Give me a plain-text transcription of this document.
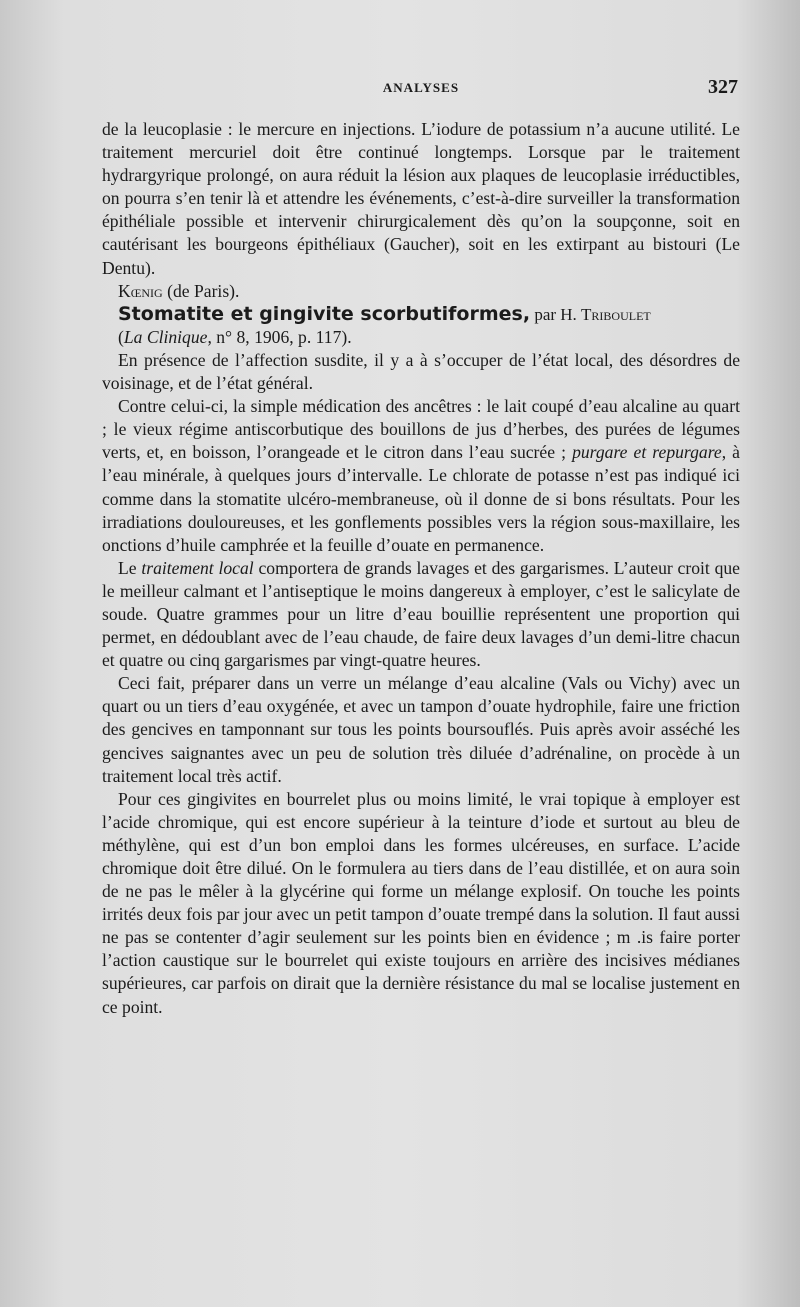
ANALYSES	327

de la leucoplasie : le mercure en injections. L’iodure de potassium n’a aucune utilité. Le traitement mercuriel doit être continué longtemps. Lorsque par le traitement hydrargyrique prolongé, on aura réduit la lésion aux plaques de leucoplasie irréductibles, on pourra s’en tenir là et attendre les événements, c’est-à-dire surveiller la transformation épithéliale possible et intervenir chirurgicalement dès qu’on la soupçonne, soit en cautérisant les bourgeons épithéliaux (Gaucher), soit en les extirpant au bistouri (Le Dentu).

Kœnig (de Paris).

Stomatite et gingivite scorbutiformes, par H. Triboulet

(La Clinique, n° 8, 1906, p. 117).

En présence de l’affection susdite, il y a à s’occuper de l’état local, des désordres de voisinage, et de l’état général.

Contre celui-ci, la simple médication des ancêtres : le lait coupé d’eau alcaline au quart ; le vieux régime antiscorbutique des bouillons de jus d’herbes, des purées de légumes verts, et, en boisson, l’orangeade et le citron dans l’eau sucrée ; purgare et repurgare, à l’eau minérale, à quelques jours d’intervalle. Le chlorate de potasse n’est pas indiqué ici comme dans la stomatite ulcéro-membraneuse, où il donne de si bons résultats. Pour les irradiations douloureuses, et les gonflements possibles vers la région sous-maxillaire, les onctions d’huile camphrée et la feuille d’ouate en permanence.

Le traitement local comportera de grands lavages et des gargarismes. L’auteur croit que le meilleur calmant et l’antiseptique le moins dangereux à employer, c’est le salicylate de soude. Quatre grammes pour un litre d’eau bouillie représentent une proportion qui permet, en dédoublant avec de l’eau chaude, de faire deux lavages d’un demi-litre chacun et quatre ou cinq gargarismes par vingt-quatre heures.

Ceci fait, préparer dans un verre un mélange d’eau alcaline (Vals ou Vichy) avec un quart ou un tiers d’eau oxygénée, et avec un tampon d’ouate hydrophile, faire une friction des gencives en tamponnant sur tous les points boursouflés. Puis après avoir asséché les gencives saignantes avec un peu de solution très diluée d’adrénaline, on procède à un traitement local très actif.

Pour ces gingivites en bourrelet plus ou moins limité, le vrai topique à employer est l’acide chromique, qui est encore supérieur à la teinture d’iode et surtout au bleu de méthylène, qui est d’un bon emploi dans les formes ulcéreuses, en surface. L’acide chromique doit être dilué. On le formulera au tiers dans de l’eau distillée, et on aura soin de ne pas le mêler à la glycérine qui forme un mélange explosif. On touche les points irrités deux fois par jour avec un petit tampon d’ouate trempé dans la solution. Il faut aussi ne pas se contenter d’agir seulement sur les points bien en évidence ; m .is faire porter l’action caustique sur le bourrelet qui existe toujours en arrière des incisives médianes supérieures, car parfois on dirait que la dernière résistance du mal se localise justement en ce point.
